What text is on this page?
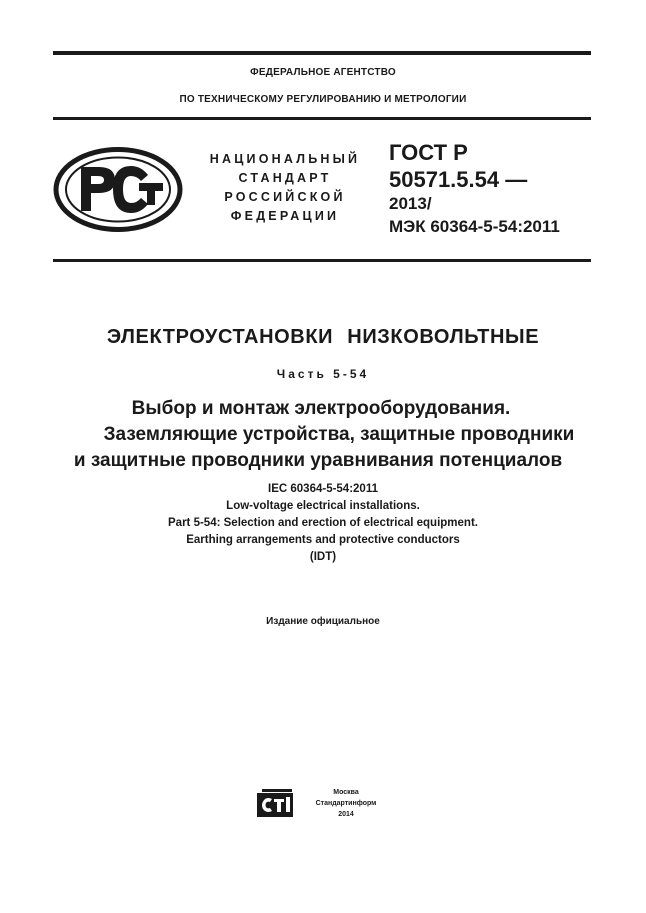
ФЕДЕРАЛЬНОЕ АГЕНТСТВО
ПО ТЕХНИЧЕСКОМУ РЕГУЛИРОВАНИЮ И МЕТРОЛОГИИ
НАЦИОНАЛЬНЫЙ
СТАНДАРТ
РОССИЙСКОЙ
ФЕДЕРАЦИИ
ГОСТ Р
50571.5.54 —
2013/
МЭК 60364-5-54:2011
ЭЛЕКТРОУСТАНОВКИ НИЗКОВОЛЬТНЫЕ
Часть 5-54
Выбор и монтаж электрооборудования.
Заземляющие устройства, защитные проводники
и защитные проводники уравнивания потенциалов
IEC 60364-5-54:2011
Low-voltage electrical installations.
Part 5-54: Selection and erection of electrical equipment.
Earthing arrangements and protective conductors
(IDT)
Издание официальное
Москва
Стандартинформ
2014
